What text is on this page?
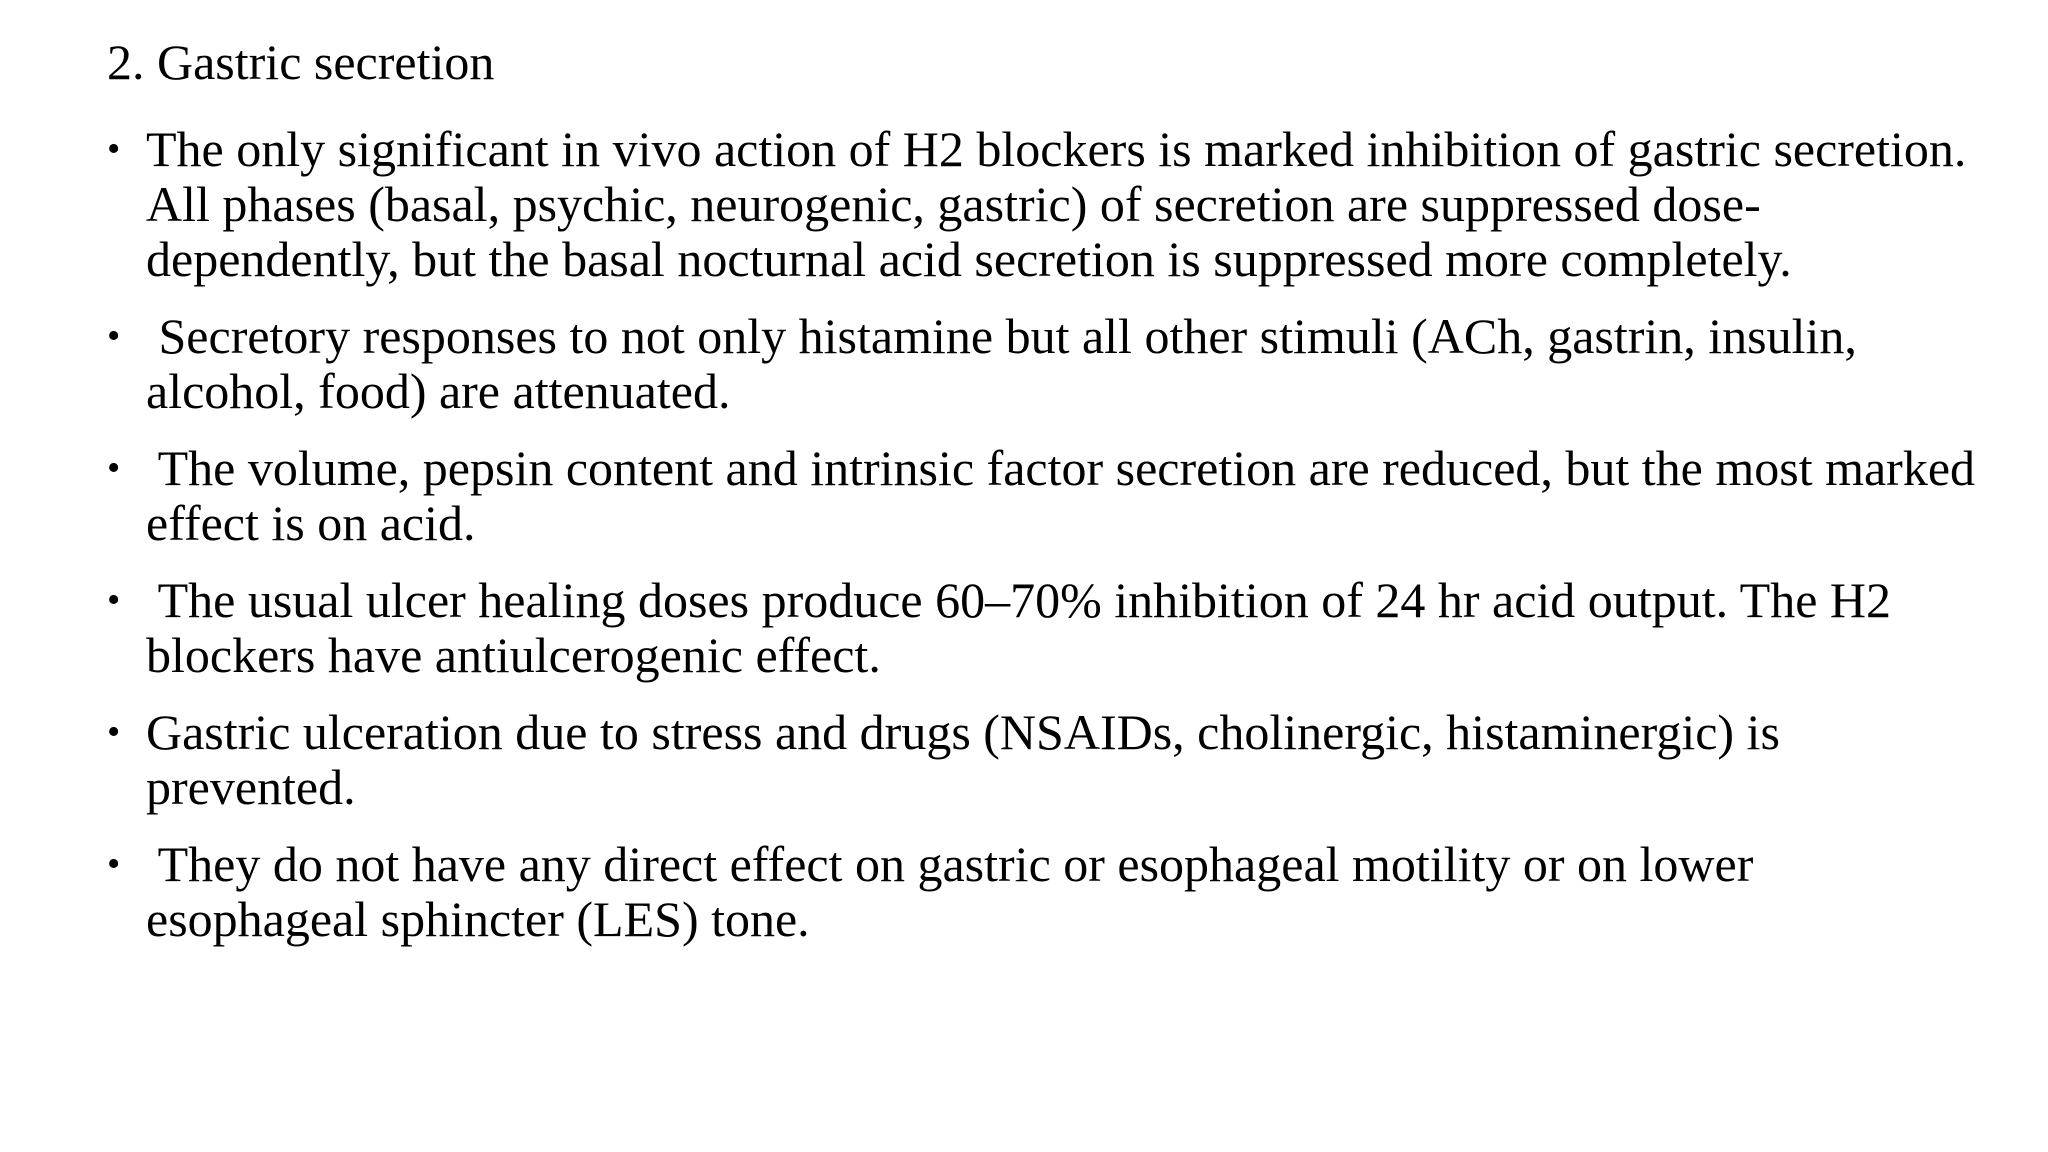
2. Gastric secretion
• The only significant in vivo action of H2 blockers is marked inhibition of gastric secretion.
All phases (basal, psychic, neurogenic, gastric) of secretion are suppressed dose-
dependently, but the basal nocturnal acid secretion is suppressed more completely.
• Secretory responses to not only histamine but all other stimuli (ACh, gastrin, insulin,
alcohol, food) are attenuated.
• The volume, pepsin content and intrinsic factor secretion are reduced, but the most marked
effect is on acid.
• The usual ulcer healing doses produce 60–70% inhibition of 24 hr acid output. The H2
blockers have antiulcerogenic effect.
• Gastric ulceration due to stress and drugs (NSAIDs, cholinergic, histaminergic) is
prevented.
• They do not have any direct effect on gastric or esophageal motility or on lower
esophageal sphincter (LES) tone.
